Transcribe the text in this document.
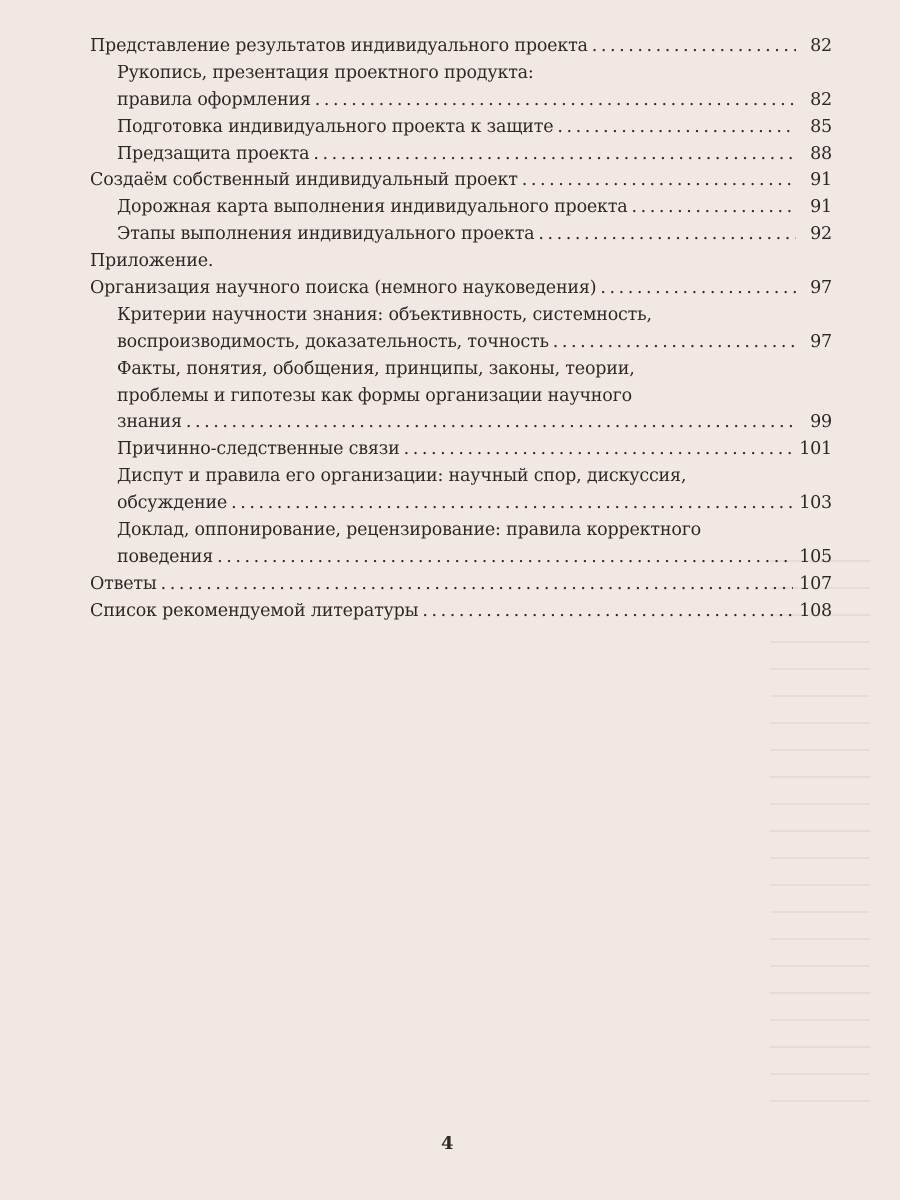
Представление результатов индивидуального проекта . . .	82
Рукопись, презентация проектного продукта:
правила оформления . . .	82
Подготовка индивидуального проекта к защите . . .	85
Предзащита проекта . . .	88
Создаём собственный индивидуальный проект . . .	91
Дорожная карта выполнения индивидуального проекта . . .	91
Этапы выполнения индивидуального проекта . . .	92
Приложение.
Организация научного поиска (немного науковедения) . . .	97
Критерии научности знания: объективность, системность,
воспроизводимость, доказательность, точность . . .	97
Факты, понятия, обобщения, принципы, законы, теории,
проблемы и гипотезы как формы организации научного
знания . . .	99
Причинно-следственные связи . . .	101
Диспут и правила его организации: научный спор, дискуссия,
обсуждение . . .	103
Доклад, оппонирование, рецензирование: правила корректного
поведения . . .	105
Ответы . . .	107
Список рекомендуемой литературы . . .	108
4
